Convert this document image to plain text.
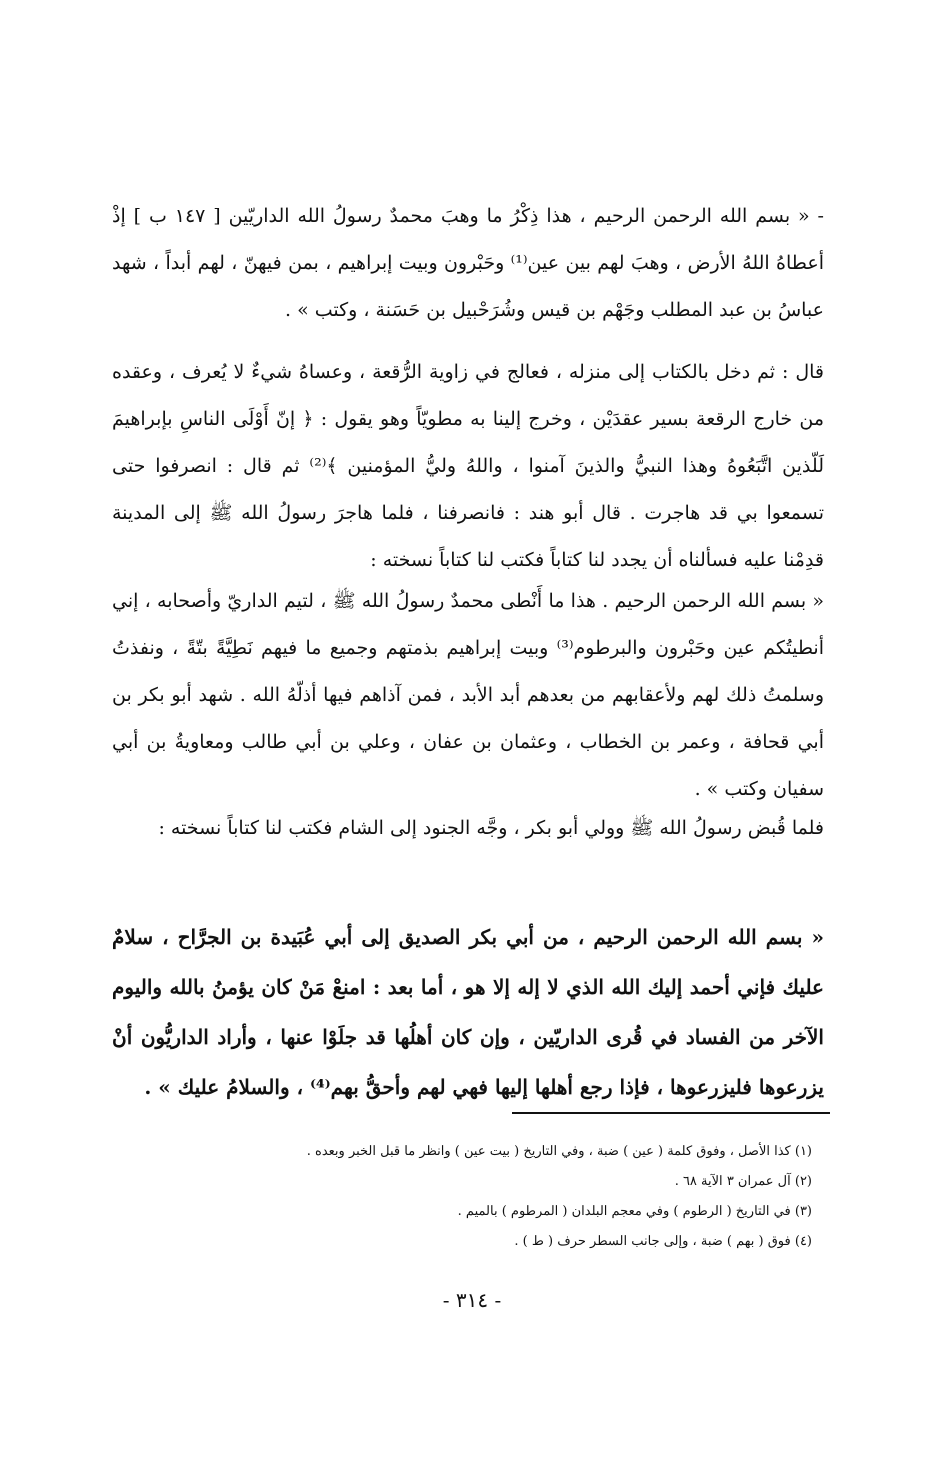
- « بسم الله الرحمن الرحيم ، هذا ذِكْرُ ما وهبَ محمدٌ رسولُ الله الداريّين [ ١٤٧ ب ] إذْ أعطاهُ اللهُ الأرض ، وهبَ لهم بين عين⁽¹⁾ وحَبْرون وبيت إبراهيم ، بمن فيهنّ ، لهم أبداً ، شهد عباسُ بن عبد المطلب وجَهْم بن قيس وشُرَحْبيل بن حَسَنة ، وكتب » .

قال : ثم دخل بالكتاب إلى منزله ، فعالج في زاوية الرُّقعة ، وعساهُ شيءٌ لا يُعرف ، وعقده من خارج الرقعة بسير عقدَيْن ، وخرج إلينا به مطويّاً وهو يقول : ﴿ إنّ أَوْلَى الناسِ بإبراهيمَ لَلّذين اتَّبَعُوهُ وهذا النبيُّ والذينَ آمنوا ، واللهُ وليُّ المؤمنين ﴾⁽²⁾ ثم قال : انصرفوا حتى تسمعوا بي قد هاجرت . قال أبو هند : فانصرفنا ، فلما هاجرَ رسولُ الله ﷺ إلى المدينة قدِمْنا عليه فسألناه أن يجدد لنا كتاباً فكتب لنا كتاباً نسخته :

« بسم الله الرحمن الرحيم . هذا ما أَنْطى محمدٌ رسولُ الله ﷺ ، لتيم الداريّ وأصحابه ، إني أنطيتُكم عين وحَبْرون والبرطوم⁽³⁾ وبيت إبراهيم بذمتهم وجميع ما فيهم نَطِيَّةً بتّةً ، ونفذتُ وسلمتُ ذلك لهم ولأعقابهم من بعدهم أبد الأبد ، فمن آذاهم فيها أذلّهُ الله . شهد أبو بكر بن أبي قحافة ، وعمر بن الخطاب ، وعثمان بن عفان ، وعلي بن أبي طالب ومعاويةُ بن أبي سفيان وكتب » .

فلما قُبض رسولُ الله ﷺ وولي أبو بكر ، وجَّه الجنود إلى الشام فكتب لنا كتاباً نسخته :

« بسم الله الرحمن الرحيم ، من أبي بكر الصديق إلى أبي عُبَيدة بن الجرَّاح ، سلامٌ عليك فإني أحمد إليك الله الذي لا إله إلا هو ، أما بعد : امنعْ مَنْ كان يؤمنُ بالله واليوم الآخر من الفساد في قُرى الداريّين ، وإن كان أهلُها قد جلَوْا عنها ، وأراد الداريُّون أنْ يزرعوها فليزرعوها ، فإذا رجع أهلها إليها فهي لهم وأحقُّ بهم⁽⁴⁾ ، والسلامُ عليك » .

(١) كذا الأصل ، وفوق كلمة ( عين ) ضبة ، وفي التاريخ ( بيت عين ) وانظر ما قبل الخبر وبعده .

(٢) آل عمران ٣ الآية ٦٨ .

(٣) في التاريخ ( الرطوم ) وفي معجم البلدان ( المرطوم ) بالميم .

(٤) فوق ( بهم ) ضبة ، وإلى جانب السطر حرف ( ط ) .

- ٣١٤ -
